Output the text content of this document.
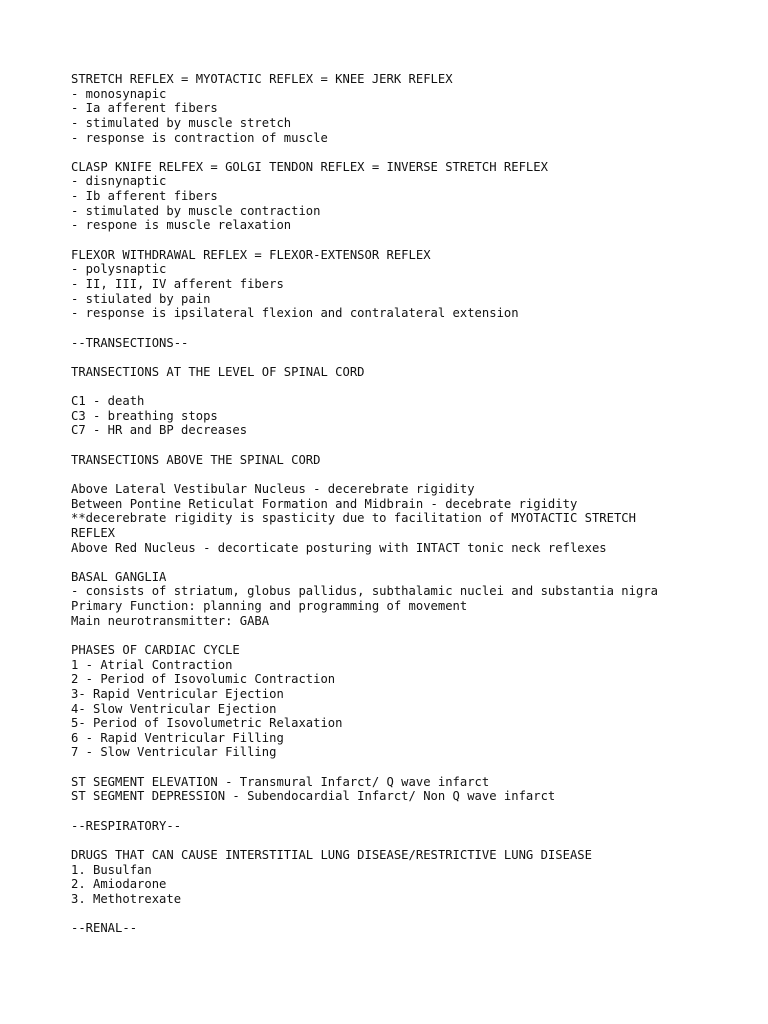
STRETCH REFLEX = MYOTACTIC REFLEX = KNEE JERK REFLEX
- monosynapic
- Ia afferent fibers
- stimulated by muscle stretch
- response is contraction of muscle
CLASP KNIFE RELFEX = GOLGI TENDON REFLEX = INVERSE STRETCH REFLEX
- disnynaptic
- Ib afferent fibers
- stimulated by muscle contraction
- respone is muscle relaxation
FLEXOR WITHDRAWAL REFLEX = FLEXOR-EXTENSOR REFLEX
- polysnaptic
- II, III, IV afferent fibers
- stiulated by pain
- response is ipsilateral flexion and contralateral extension
--TRANSECTIONS--
TRANSECTIONS AT THE LEVEL OF SPINAL CORD
C1 - death
C3 - breathing stops
C7 - HR and BP decreases
TRANSECTIONS ABOVE THE SPINAL CORD
Above Lateral Vestibular Nucleus - decerebrate rigidity
Between Pontine Reticulat Formation and Midbrain - decebrate rigidity
**decerebrate rigidity is spasticity due to facilitation of MYOTACTIC STRETCH
REFLEX
Above Red Nucleus - decorticate posturing with INTACT tonic neck reflexes
BASAL GANGLIA
- consists of striatum, globus pallidus, subthalamic nuclei and substantia nigra
Primary Function: planning and programming of movement
Main neurotransmitter: GABA
PHASES OF CARDIAC CYCLE
1 - Atrial Contraction
2 - Period of Isovolumic Contraction
3- Rapid Ventricular Ejection
4- Slow Ventricular Ejection
5- Period of Isovolumetric Relaxation
6 - Rapid Ventricular Filling
7 - Slow Ventricular Filling
ST SEGMENT ELEVATION - Transmural Infarct/ Q wave infarct
ST SEGMENT DEPRESSION - Subendocardial Infarct/ Non Q wave infarct
--RESPIRATORY--
DRUGS THAT CAN CAUSE INTERSTITIAL LUNG DISEASE/RESTRICTIVE LUNG DISEASE
1. Busulfan
2. Amiodarone
3. Methotrexate
--RENAL--
